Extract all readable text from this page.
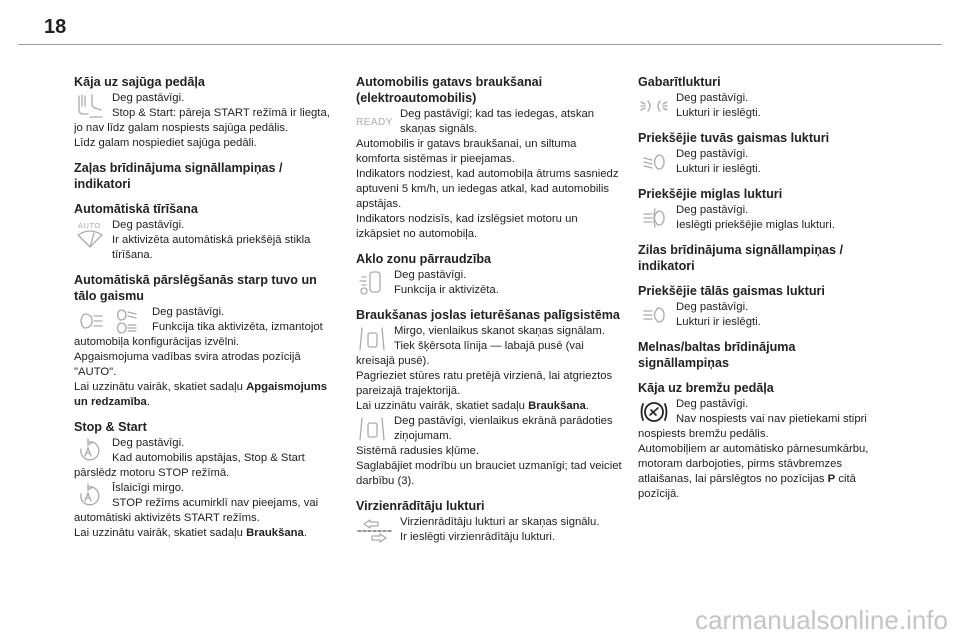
18
Kāja uz sajūga pedāļa

Deg pastāvīgi.

Stop & Start: pāreja START režīmā ir liegta, jo nav līdz galam nospiests sajūga pedālis.

Līdz galam nospiediet sajūga pedāli.

Zaļas brīdinājuma signāllampiņas / indikatori
Automātiskā tīrīšana
AUTO Deg pastāvīgi.

Ir aktivizēta automātiskā priekšējā stikla tīrīšana.

Automātiskā pārslēgšanās starp tuvo un tālo gaismu

Deg pastāvīgi.

Funkcija tika aktivizēta, izmantojot automobiļa konfigurācijas izvēlni.

Apgaismojuma vadības svira atrodas pozīcijā "AUTO".

Lai uzzinātu vairāk, skatiet sadaļu Apgaismojums un redzamība.

Stop & Start

Deg pastāvīgi.

Kad automobilis apstājas, Stop & Start pārslēdz motoru STOP režīmā.

Īslaicīgi mirgo.

STOP režīms acumirklī nav pieejams, vai automātiski aktivizēts START režīms.

Lai uzzinātu vairāk, skatiet sadaļu Braukšana.

Automobilis gatavs braukšanai (elektroautomobilis)
READY

Deg pastāvīgi; kad tas iedegas, atskan skaņas signāls.

Automobilis ir gatavs braukšanai, un siltuma komforta sistēmas ir pieejamas.

Indikators nodziest, kad automobiļa ātrums sasniedz aptuveni 5 km/h, un iedegas atkal, kad automobilis apstājas.

Indikators nodzisīs, kad izslēgsiet motoru un izkāpsiet no automobiļa.

Aklo zonu pārraudzība

Deg pastāvīgi.

Funkcija ir aktivizēta.

Braukšanas joslas ieturēšanas palīgsistēma

Mirgo, vienlaikus skanot skaņas signālam.

Tiek šķērsota līnija — labajā pusē (vai kreisajā pusē).

Pagrieziet stūres ratu pretējā virzienā, lai atgrieztos pareizajā trajektorijā.

Lai uzzinātu vairāk, skatiet sadaļu Braukšana.

Deg pastāvīgi, vienlaikus ekrānā parādoties ziņojumam.

Sistēmā radusies kļūme.

Saglabājiet modrību un brauciet uzmanīgi; tad veiciet darbību (3).

Virzienrādītāju lukturi

Virzienrādītāju lukturi ar skaņas signālu.

Ir ieslēgti virzienrādītāju lukturi.

Gabarītlukturi

Deg pastāvīgi.

Lukturi ir ieslēgti.

Priekšējie tuvās gaismas lukturi

Deg pastāvīgi.

Lukturi ir ieslēgti.

Priekšējie miglas lukturi

Deg pastāvīgi.

Ieslēgti priekšējie miglas lukturi.

Zilas brīdinājuma signāllampiņas / indikatori
Priekšējie tālās gaismas lukturi

Deg pastāvīgi.

Lukturi ir ieslēgti.

Melnas/baltas brīdinājuma signāllampiņas
Kāja uz bremžu pedāļa

Deg pastāvīgi.

Nav nospiests vai nav pietiekami stipri nospiests bremžu pedālis.

Automobiļiem ar automātisko pārnesumkārbu, motoram darbojoties, pirms stāvbremzes atlaišanas, lai pārslēgtos no pozīcijas P citā pozīcijā.

carmanualsonline.info
